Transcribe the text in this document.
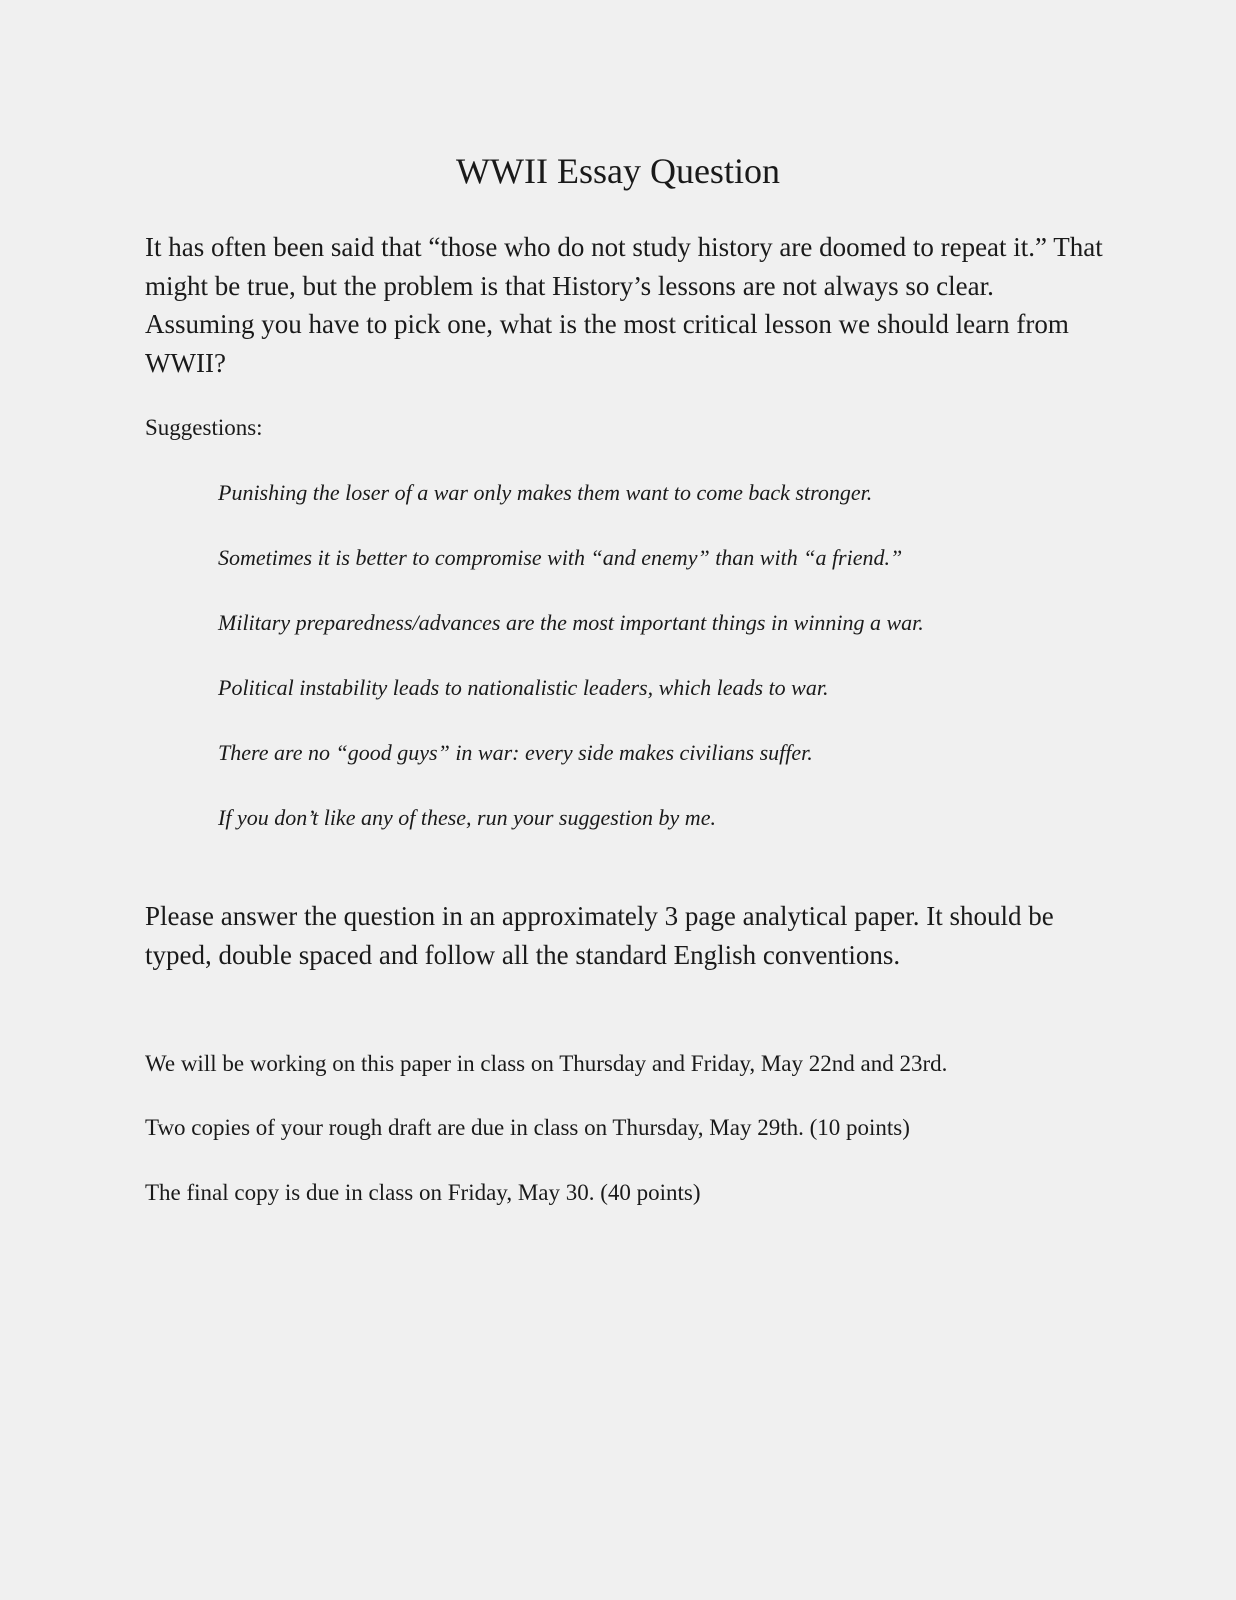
WWII Essay Question

It has often been said that “those who do not study history are doomed to repeat it.” That might be true, but the problem is that History’s lessons are not always so clear. Assuming you have to pick one, what is the most critical lesson we should learn from WWII?

Suggestions:

Punishing the loser of a war only makes them want to come back stronger.
Sometimes it is better to compromise with “and enemy” than with “a friend.”
Military preparedness/advances are the most important things in winning a war.
Political instability leads to nationalistic leaders, which leads to war.
There are no “good guys” in war: every side makes civilians suffer.
If you don’t like any of these, run your suggestion by me.

Please answer the question in an approximately 3 page analytical paper. It should be typed, double spaced and follow all the standard English conventions.

We will be working on this paper in class on Thursday and Friday, May 22nd and 23rd.

Two copies of your rough draft are due in class on Thursday, May 29th. (10 points)

The final copy is due in class on Friday, May 30. (40 points)
